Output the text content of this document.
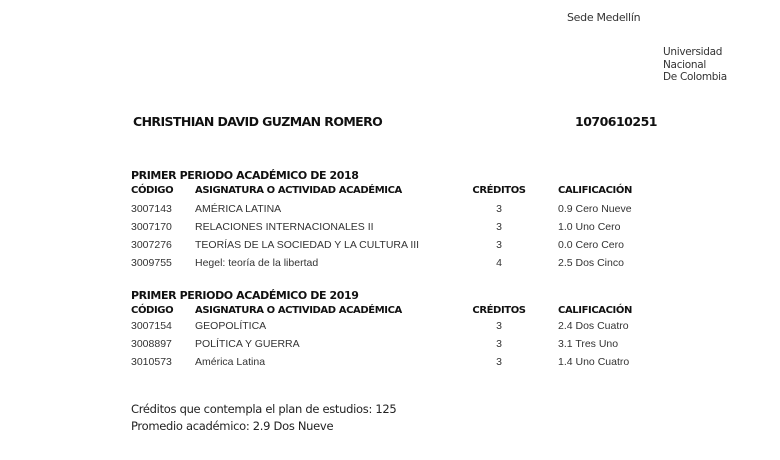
Sede Medellín
Universidad
Nacional
De Colombia
CHRISTHIAN DAVID GUZMAN ROMERO	1070610251
PRIMER PERIODO ACADÉMICO DE 2018
CÓDIGO ASIGNATURA O ACTIVIDAD ACADÉMICA	CRÉDITOS	CALIFICACIÓN
3007143 AMÉRICA LATINA	3	0.9 Cero Nueve
3007170 RELACIONES INTERNACIONALES II	3	1.0 Uno Cero
3007276 TEORÍAS DE LA SOCIEDAD Y LA CULTURA III	3	0.0 Cero Cero
3009755 Hegel: teoría de la libertad	4	2.5 Dos Cinco
PRIMER PERIODO ACADÉMICO DE 2019
CÓDIGO ASIGNATURA O ACTIVIDAD ACADÉMICA	CRÉDITOS	CALIFICACIÓN
3007154 GEOPOLÍTICA	3	2.4 Dos Cuatro
3008897 POLÍTICA Y GUERRA	3	3.1 Tres Uno
3010573 América Latina	3	1.4 Uno Cuatro
Créditos que contempla el plan de estudios: 125
Promedio académico: 2.9 Dos Nueve
